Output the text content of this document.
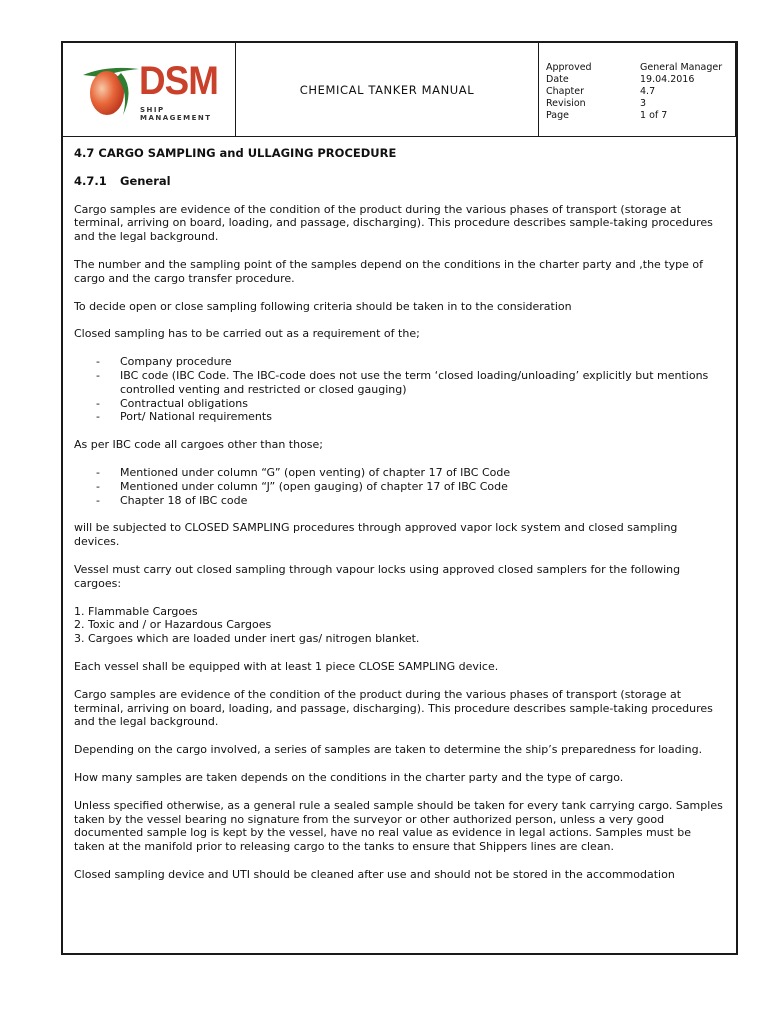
DSM
SHIP MANAGEMENT
CHEMICAL TANKER MANUAL
Approved	General Manager
Date	19.04.2016
Chapter	4.7
Revision	3
Page	1 of 7
4.7 CARGO SAMPLING and ULLAGING PROCEDURE
4.7.1	General

Cargo samples are evidence of the condition of the product during the various phases of transport (storage at terminal, arriving on board, loading, and passage, discharging). This procedure describes sample-taking procedures and the legal background.

The number and the sampling point of the samples depend on the conditions in the charter party and ,the type of cargo and the cargo transfer procedure.

To decide open or close sampling following criteria should be taken in to the consideration

Closed sampling has to be carried out as a requirement of the;

-	Company procedure
-	IBC code (IBC Code. The IBC-code does not use the term ‘closed loading/unloading’ explicitly but mentions controlled venting and restricted or closed gauging)
-	Contractual obligations
-	Port/ National requirements

As per IBC code all cargoes other than those;

-	Mentioned under column “G” (open venting) of chapter 17 of IBC Code
-	Mentioned under column “J” (open gauging) of chapter 17 of IBC Code
-	Chapter 18 of IBC code

will be subjected to CLOSED SAMPLING procedures through approved vapor lock system and closed sampling devices.

Vessel must carry out closed sampling through vapour locks using approved closed samplers for the following cargoes:

1. Flammable Cargoes
2. Toxic and / or Hazardous Cargoes
3. Cargoes which are loaded under inert gas/ nitrogen blanket.

Each vessel shall be equipped with at least 1 piece CLOSE SAMPLING device.

Cargo samples are evidence of the condition of the product during the various phases of transport (storage at terminal, arriving on board, loading, and passage, discharging). This procedure describes sample-taking procedures and the legal background.

Depending on the cargo involved, a series of samples are taken to determine the ship’s preparedness for loading.

How many samples are taken depends on the conditions in the charter party and the type of cargo.

Unless specified otherwise, as a general rule a sealed sample should be taken for every tank carrying cargo. Samples taken by the vessel bearing no signature from the surveyor or other authorized person, unless a very good documented sample log is kept by the vessel, have no real value as evidence in legal actions. Samples must be taken at the manifold prior to releasing cargo to the tanks to ensure that Shippers lines are clean.

Closed sampling device and UTI should be cleaned after use and should not be stored in the accommodation
